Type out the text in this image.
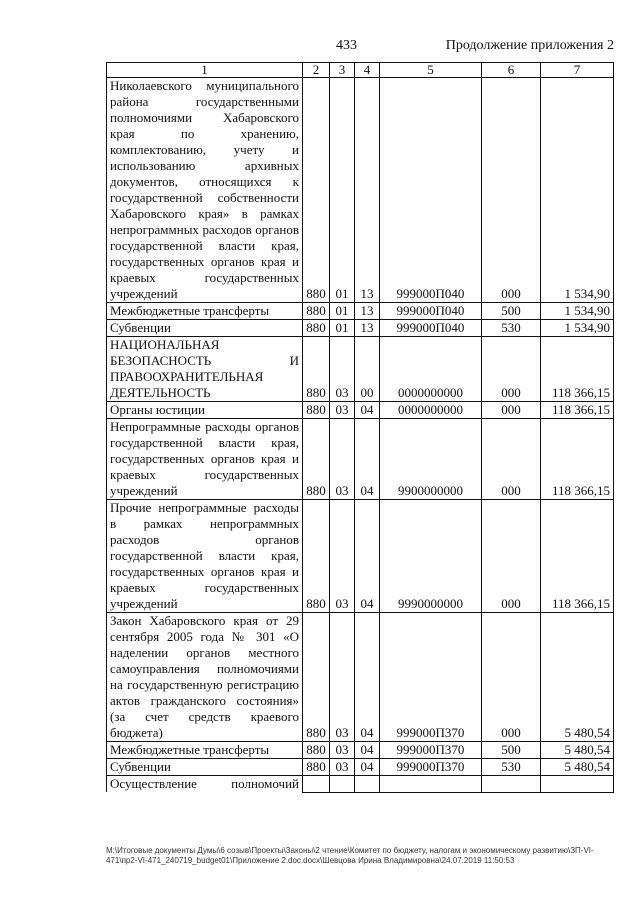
433	Продолжение приложения 2
1	2	3	4	5	6	7
Николаевского муниципального района государственными полномочиями Хабаровского края по хранению, комплектованию, учету и использованию архивных документов, относящихся к государственной собственности Хабаровского края» в рамках непрограммных расходов органов государственной власти края, государственных органов края и краевых государственных учреждений	880	01	13	999000П040	000	1 534,90
Межбюджетные трансферты	880	01	13	999000П040	500	1 534,90
Субвенции	880	01	13	999000П040	530	1 534,90
НАЦИОНАЛЬНАЯ БЕЗОПАСНОСТЬ И ПРАВООХРАНИТЕЛЬНАЯ ДЕЯТЕЛЬНОСТЬ	880	03	00	0000000000	000	118 366,15
Органы юстиции	880	03	04	0000000000	000	118 366,15
Непрограммные расходы органов государственной власти края, государственных органов края и краевых государственных учреждений	880	03	04	9900000000	000	118 366,15
Прочие непрограммные расходы в рамках непрограммных расходов органов государственной власти края, государственных органов края и краевых государственных учреждений	880	03	04	9990000000	000	118 366,15
Закон Хабаровского края от 29 сентября 2005 года № 301 «О наделении органов местного самоуправления полномочиями на государственную регистрацию актов гражданского состояния» (за счет средств краевого бюджета)	880	03	04	999000П370	000	5 480,54
Межбюджетные трансферты	880	03	04	999000П370	500	5 480,54
Субвенции	880	03	04	999000П370	530	5 480,54
Осуществление полномочий						
М:\Итоговые документы Думы\6 созыв\Проекты\Законы\2 чтение\Комитет по бюджету, налогам и экономическому развитию\ЗП-VI-471\пр2-VI-471_240719_budget01\Приложение 2.doc.docx\Шевцова Ирина Владимировна\24.07.2019 11:50:53
